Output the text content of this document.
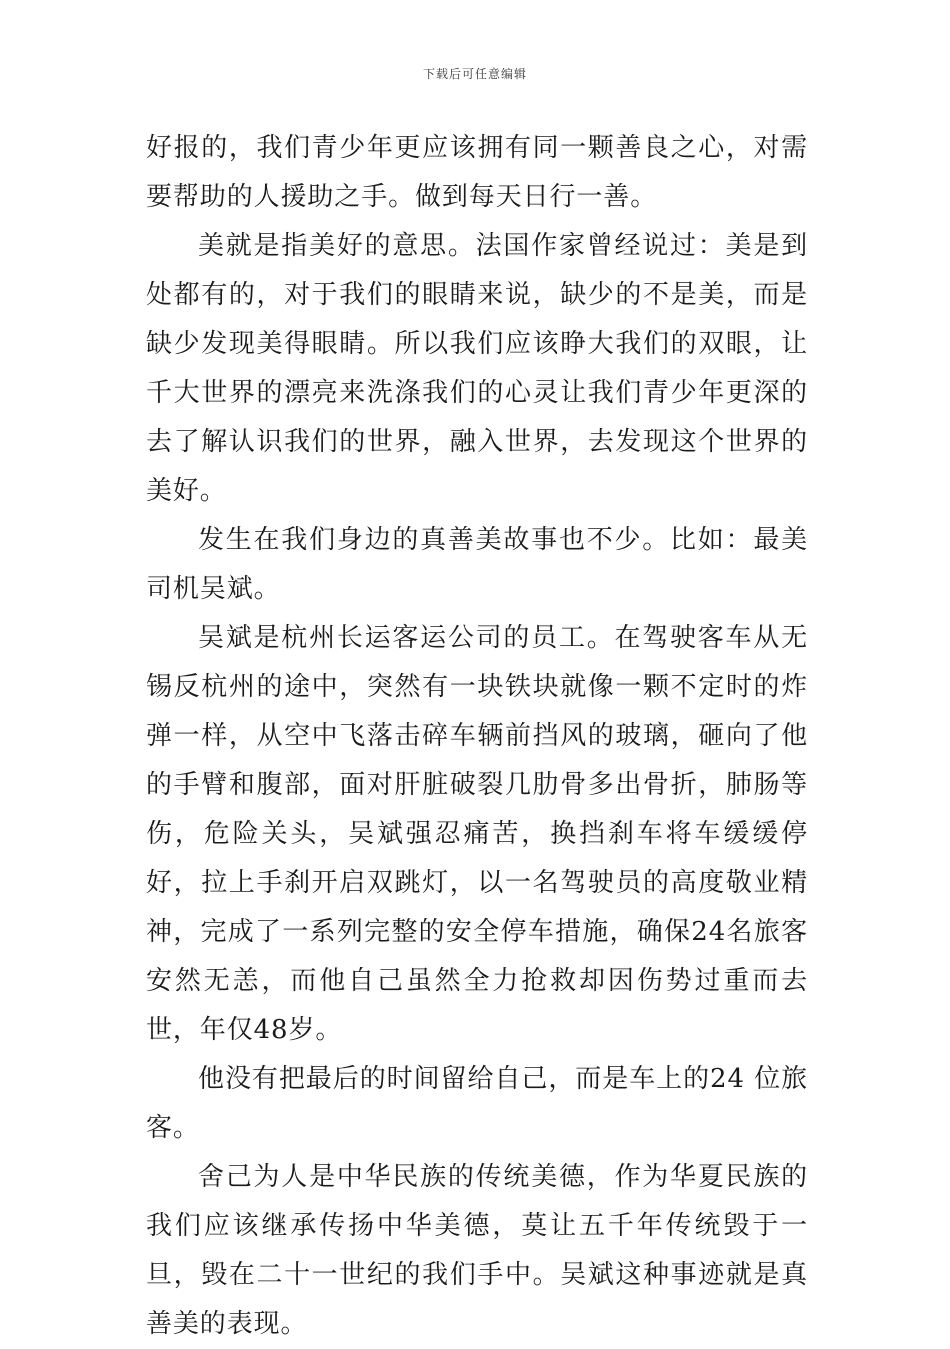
下载后可任意编辑

好报的，我们青少年更应该拥有同一颗善良之心，对需要帮助的人援助之手。做到每天日行一善。

美就是指美好的意思。法国作家曾经说过：美是到处都有的，对于我们的眼睛来说，缺少的不是美，而是缺少发现美得眼睛。所以我们应该睁大我们的双眼，让千大世界的漂亮来洗涤我们的心灵让我们青少年更深的去了解认识我们的世界，融入世界，去发现这个世界的美好。

发生在我们身边的真善美故事也不少。比如：最美司机吴斌。

吴斌是杭州长运客运公司的员工。在驾驶客车从无锡反杭州的途中，突然有一块铁块就像一颗不定时的炸弹一样，从空中飞落击碎车辆前挡风的玻璃，砸向了他的手臂和腹部，面对肝脏破裂几肋骨多出骨折，肺肠等伤，危险关头，吴斌强忍痛苦，换挡刹车将车缓缓停好，拉上手刹开启双跳灯，以一名驾驶员的高度敬业精神，完成了一系列完整的安全停车措施，确保24名旅客安然无恙，而他自己虽然全力抢救却因伤势过重而去世，年仅48岁。

他没有把最后的时间留给自己，而是车上的24 位旅客。

舍己为人是中华民族的传统美德，作为华夏民族的我们应该继承传扬中华美德，莫让五千年传统毁于一旦，毁在二十一世纪的我们手中。吴斌这种事迹就是真善美的表现。
